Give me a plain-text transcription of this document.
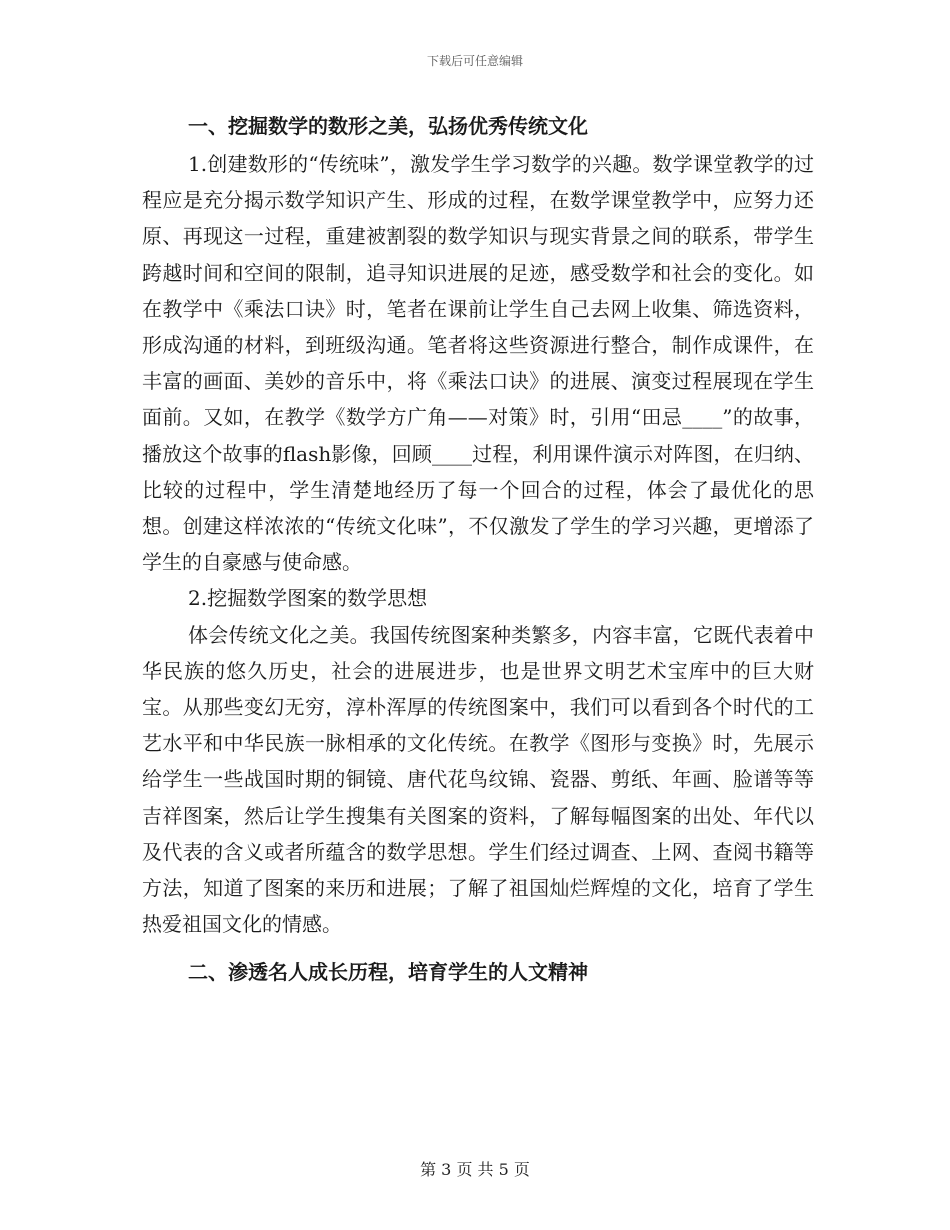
下载后可任意编辑

一、挖掘数学的数形之美，弘扬优秀传统文化

1.创建数形的“传统味”，激发学生学习数学的兴趣。数学课堂教学的过程应是充分揭示数学知识产生、形成的过程，在数学课堂教学中，应努力还原、再现这一过程，重建被割裂的数学知识与现实背景之间的联系，带学生跨越时间和空间的限制，追寻知识进展的足迹，感受数学和社会的变化。如在教学中《乘法口诀》时，笔者在课前让学生自己去网上收集、筛选资料，形成沟通的材料，到班级沟通。笔者将这些资源进行整合，制作成课件，在丰富的画面、美妙的音乐中，将《乘法口诀》的进展、演变过程展现在学生面前。又如，在教学《数学方广角——对策》时，引用“田忌____”的故事，播放这个故事的flash影像，回顾____过程，利用课件演示对阵图，在归纳、比较的过程中，学生清楚地经历了每一个回合的过程，体会了最优化的思想。创建这样浓浓的“传统文化味”，不仅激发了学生的学习兴趣，更增添了学生的自豪感与使命感。

2.挖掘数学图案的数学思想

体会传统文化之美。我国传统图案种类繁多，内容丰富，它既代表着中华民族的悠久历史，社会的进展进步，也是世界文明艺术宝库中的巨大财宝。从那些变幻无穷，淳朴浑厚的传统图案中，我们可以看到各个时代的工艺水平和中华民族一脉相承的文化传统。在教学《图形与变换》时，先展示给学生一些战国时期的铜镜、唐代花鸟纹锦、瓷器、剪纸、年画、脸谱等等吉祥图案，然后让学生搜集有关图案的资料，了解每幅图案的出处、年代以及代表的含义或者所蕴含的数学思想。学生们经过调查、上网、查阅书籍等方法，知道了图案的来历和进展；了解了祖国灿烂辉煌的文化，培育了学生热爱祖国文化的情感。

二、渗透名人成长历程，培育学生的人文精神

第 3 页 共 5 页
